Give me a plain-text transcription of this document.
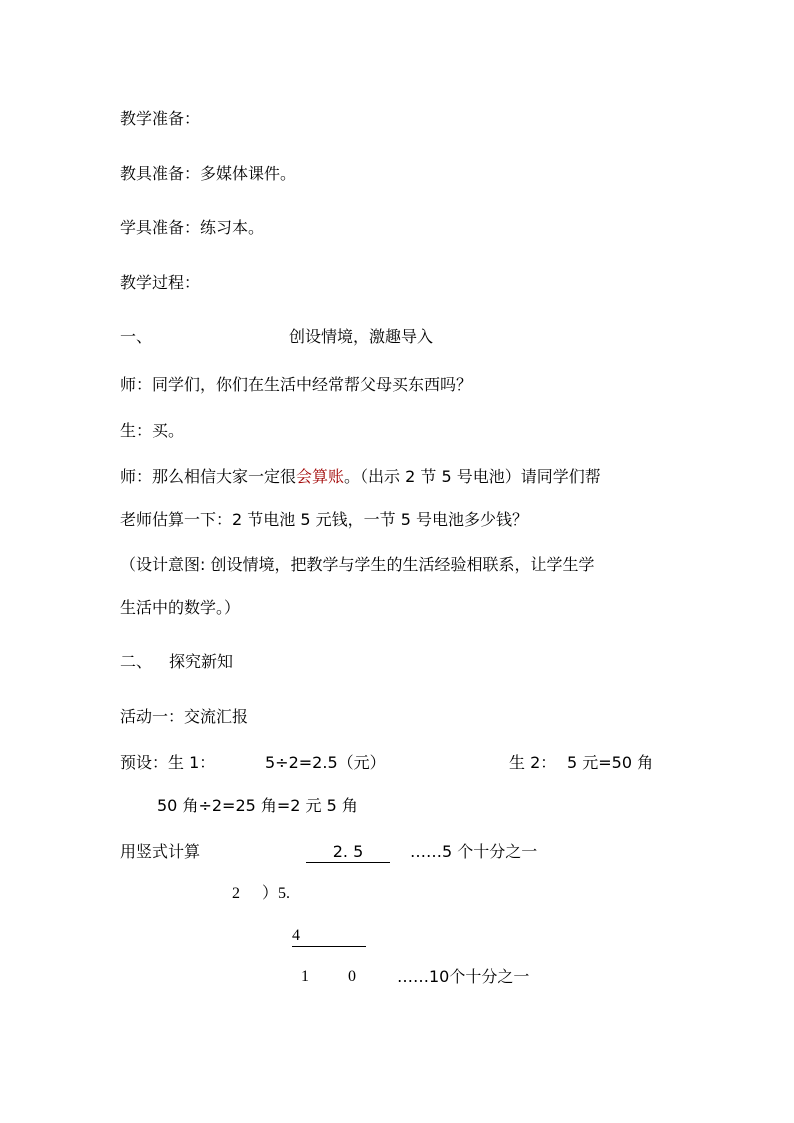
教学准备：
教具准备：多媒体课件。
学具准备：练习本。
教学过程：
一、	创设情境，激趣导入
师：同学们，你们在生活中经常帮父母买东西吗？
生：买。
师：那么相信大家一定很会算账。（出示 2 节 5 号电池）请同学们帮
老师估算一下：2 节电池 5 元钱，一节 5 号电池多少钱？
（设计意图: 创设情境，把教学与学生的生活经验相联系，让学生学
生活中的数学。）
二、 探究新知
活动一：交流汇报
预设：生 1：	5÷2=2.5（元）	生 2： 5 元=50 角
50 角÷2=25 角=2 元 5 角
用竖式计算	2. 5	……5 个十分之一
2 ）5.
4
1 0	……10个十分之一
